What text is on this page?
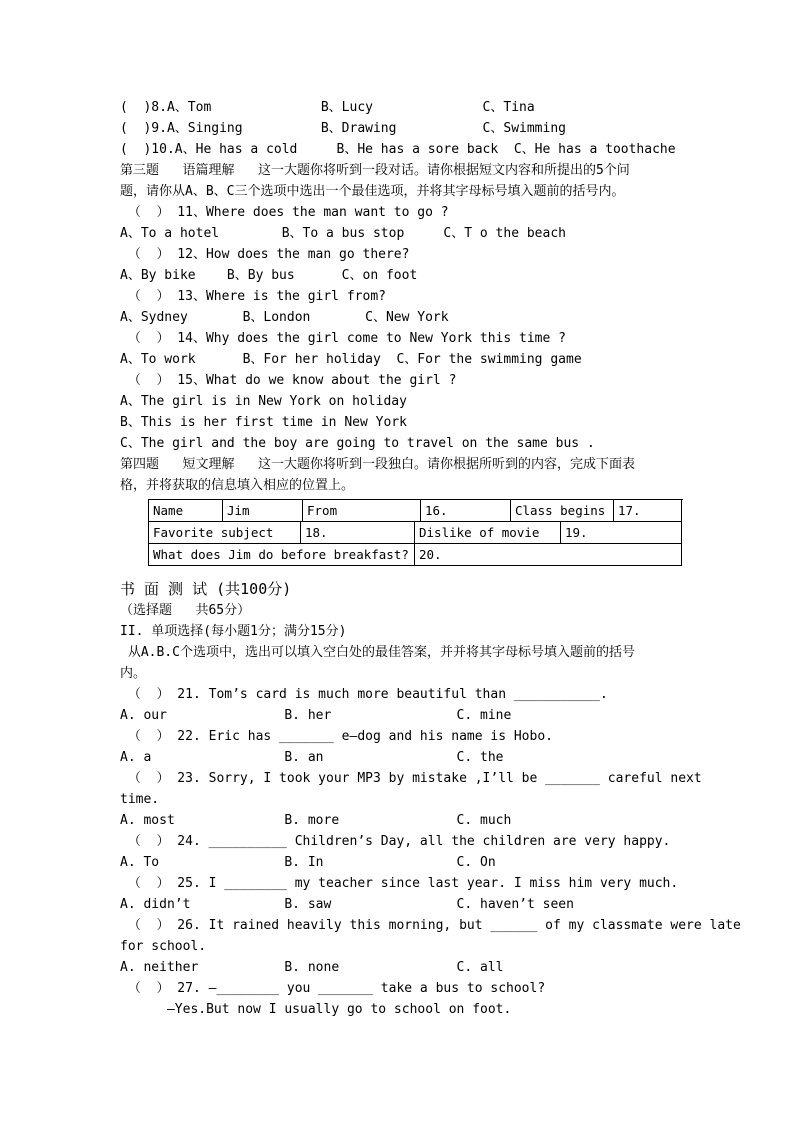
(  )8.A、Tom              B、Lucy              C、Tina
(  )9.A、Singing          B、Drawing           C、Swimming
(  )10.A、He has a cold     B、He has a sore back  C、He has a toothache
第三题   语篇理解   这一大题你将听到一段对话。请你根据短文内容和所提出的5个问
题，请你从A、B、C三个选项中选出一个最佳选项，并将其字母标号填入题前的括号内。
（  ） 11、Where does the man want to go ?
A、To a hotel        B、To a bus stop     C、T o the beach
（  ） 12、How does the man go there?
A、By bike    B、By bus      C、on foot
（  ） 13、Where is the girl from?
A、Sydney       B、London       C、New York
（  ） 14、Why does the girl come to New York this time ?
A、To work      B、For her holiday  C、For the swimming game
（  ） 15、What do we know about the girl ?
A、The girl is in New York on holiday
B、This is her first time in New York
C、The girl and the boy are going to travel on the same bus .
第四题   短文理解   这一大题你将听到一段独白。请你根据所听到的内容，完成下面表
格，并将获取的信息填入相应的位置上。
Name	Jim	From	16.	Class begins	17.
Favorite subject	18.	Dislike of movie	19.
What does Jim do before breakfast? 20.
书 面 测 试 (共100分)
（选择题   共65分）
II. 单项选择(每小题1分；满分15分)
从A.B.C个选项中，选出可以填入空白处的最佳答案，并并将其字母标号填入题前的括号
内。
（  ） 21. Tom’s card is much more beautiful than ___________.
A. our               B. her                C. mine
（  ） 22. Eric has _______ e—dog and his name is Hobo.
A. a                 B. an                 C. the
（  ） 23. Sorry, I took your MP3 by mistake ,I’ll be _______ careful next
time.
A. most              B. more               C. much
（  ） 24. __________ Children’s Day, all the children are very happy.
A. To                B. In                 C. On
（  ） 25. I ________ my teacher since last year. I miss him very much.
A. didn’t            B. saw                C. haven’t seen
（  ） 26. It rained heavily this morning, but ______ of my classmate were late
for school.
A. neither           B. none               C. all
（  ） 27. —________ you _______ take a bus to school?
—Yes.But now I usually go to school on foot.
